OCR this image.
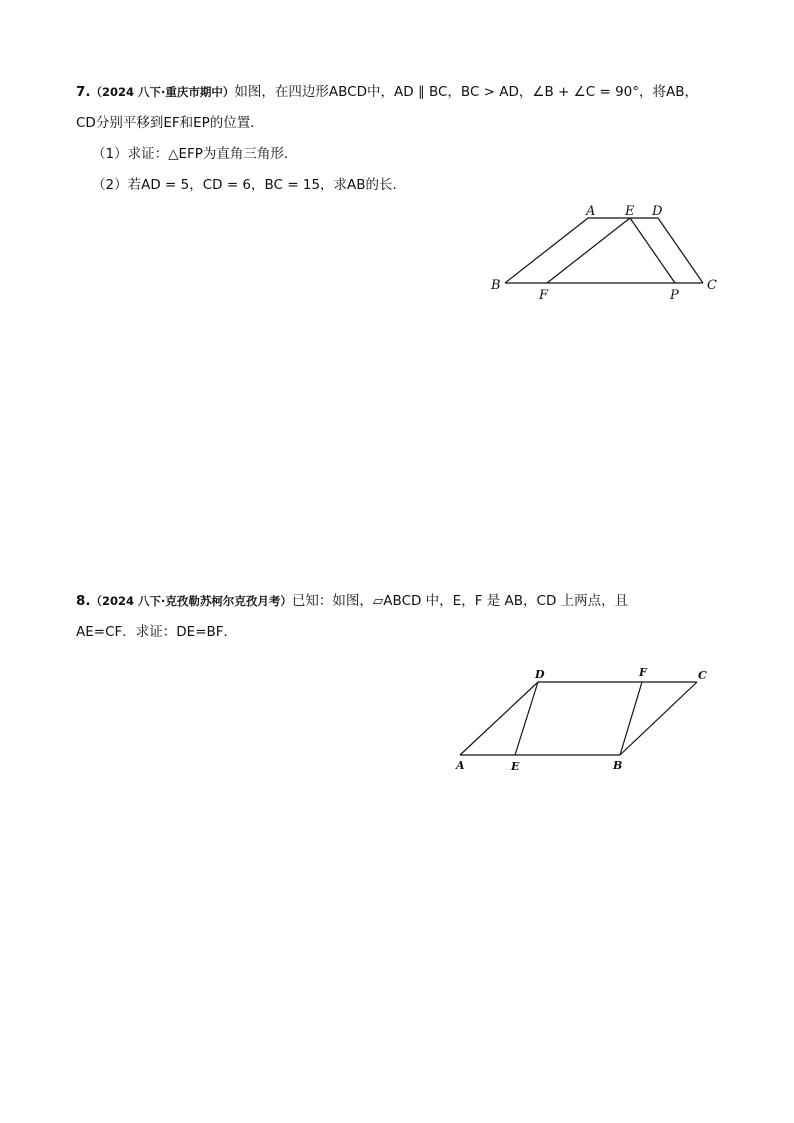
7.（2024 八下·重庆市期中）如图，在四边形ABCD中，AD ∥ BC，BC > AD，∠B + ∠C = 90°，将AB，
CD分别平移到EF和EP的位置．
（1）求证：△EFP为直角三角形．
（2）若AD = 5，CD = 6，BC = 15，求AB的长．
A E D
B
F	P
C
8.（2024 八下·克孜勒苏柯尔克孜月考）已知：如图，▱ABCD 中，E，F 是 AB，CD 上两点，且
AE=CF．求证：DE=BF．
D	F	C
A	E	B
